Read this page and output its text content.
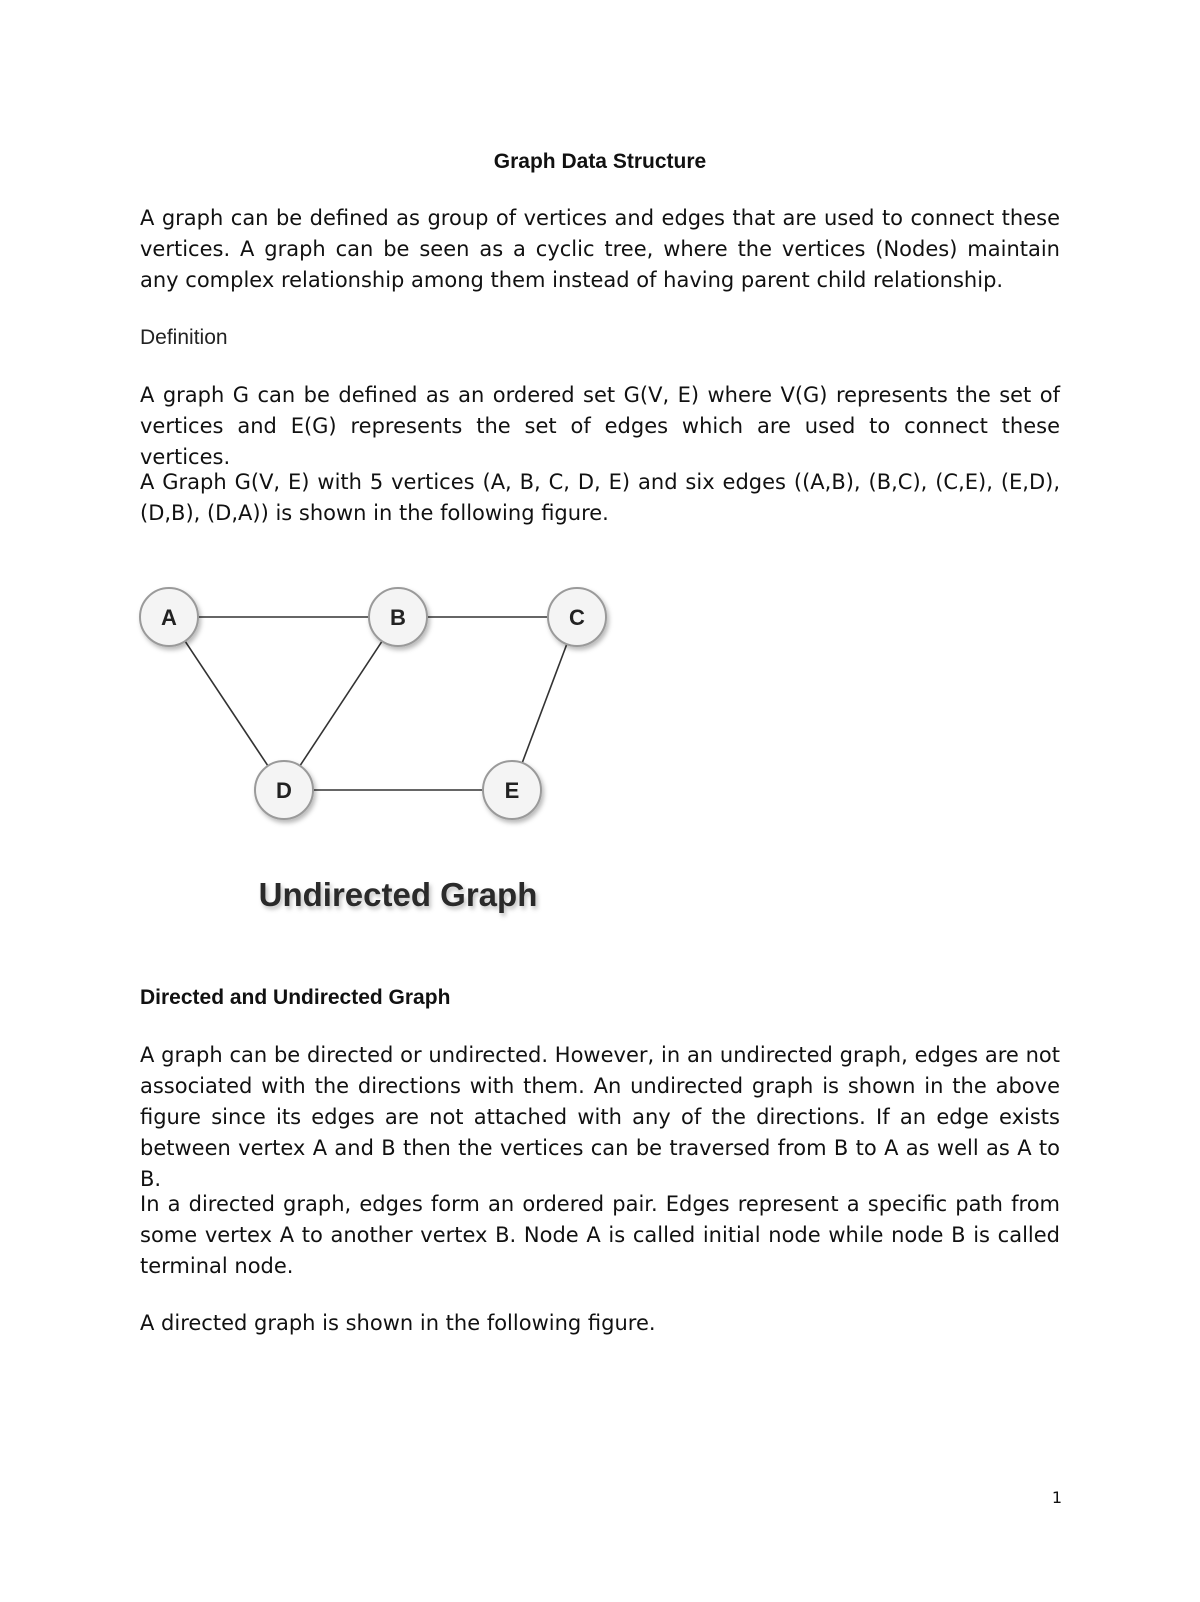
Graph Data Structure

A graph can be defined as group of vertices and edges that are used to connect these vertices. A graph can be seen as a cyclic tree, where the vertices (Nodes) maintain any complex relationship among them instead of having parent child relationship.

Definition

A graph G can be defined as an ordered set G(V, E) where V(G) represents the set of vertices and E(G) represents the set of edges which are used to connect these vertices.

A Graph G(V, E) with 5 vertices (A, B, C, D, E) and six edges ((A,B), (B,C), (C,E), (E,D), (D,B), (D,A)) is shown in the following figure.

A	B	C
D	E
Undirected Graph
Directed and Undirected Graph

A graph can be directed or undirected. However, in an undirected graph, edges are not associated with the directions with them. An undirected graph is shown in the above figure since its edges are not attached with any of the directions. If an edge exists between vertex A and B then the vertices can be traversed from B to A as well as A to B.

In a directed graph, edges form an ordered pair. Edges represent a specific path from some vertex A to another vertex B. Node A is called initial node while node B is called terminal node.

A directed graph is shown in the following figure.

1
